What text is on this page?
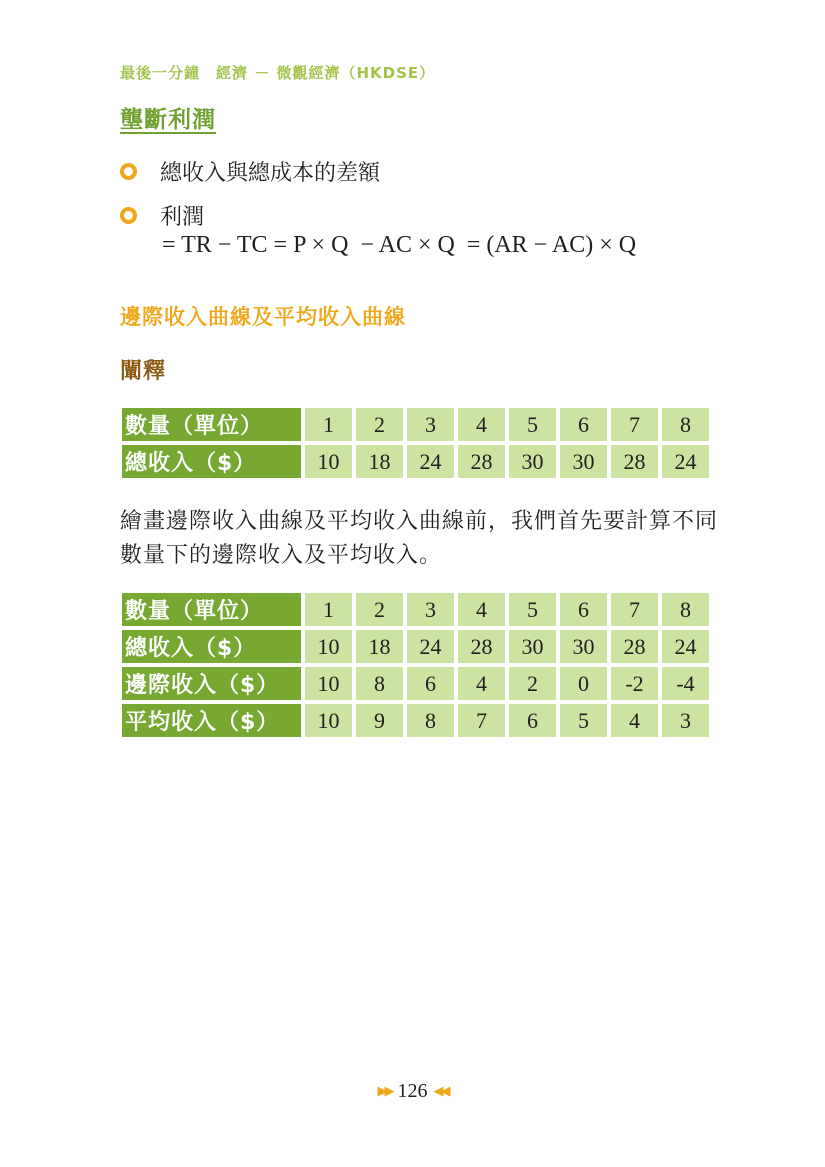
最後一分鐘　經濟 － 微觀經濟（HKDSE）
壟斷利潤
總收入與總成本的差額
利潤
= TR − TC = P × Q  − AC × Q  = (AR − AC) × Q
邊際收入曲線及平均收入曲線
闡釋
數量（單位）	1	2	3	4	5	6	7	8
總收入（$）	10	18	24	28	30	30	28	24
繪畫邊際收入曲線及平均收入曲線前，我們首先要計算不同數量下的邊際收入及平均收入。
數量（單位）	1	2	3	4	5	6	7	8
總收入（$）	10	18	24	28	30	30	28	24
邊際收入（$）	10	8	6	4	2	0	-2	-4
平均收入（$）	10	9	8	7	6	5	4	3
▶▶ 126 ◀◀
